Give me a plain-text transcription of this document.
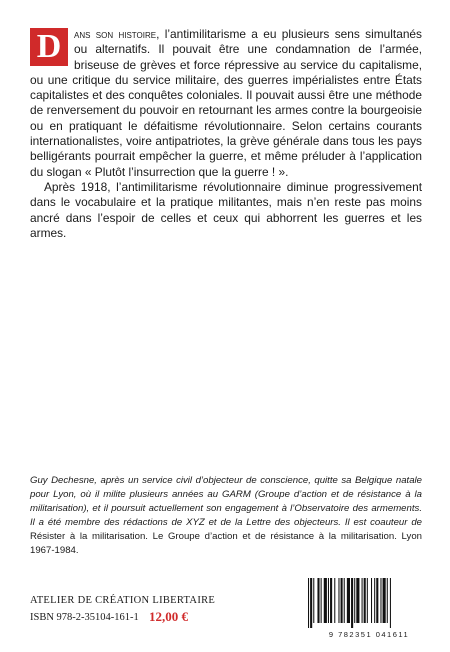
D	ans son histoire, l’antimilitarisme a eu plusieurs sens simultanés ou alternatifs. Il pouvait être une condamnation de l’armée, briseuse de grèves et force répressive au service du capitalisme, ou une critique du service militaire, des guerres impérialistes entre États capitalistes et des conquêtes coloniales. Il pouvait aussi être une méthode de renversement du pouvoir en retournant les armes contre la bourgeoisie ou en pratiquant le défaitisme révolutionnaire. Selon certains courants internationalistes, voire antipatriotes, la grève générale dans tous les pays belligérants pourrait empêcher la guerre, et même préluder à l’application du slogan « Plutôt l’insurrection que la guerre ! ».

Après 1918, l’antimilitarisme révolutionnaire diminue progressivement dans le vocabulaire et la pratique militantes, mais n’en reste pas moins ancré dans l’espoir de celles et ceux qui abhorrent les guerres et les armes.

Guy Dechesne, après un service civil d’objecteur de conscience, quitte sa Belgique natale pour Lyon, où il milite plusieurs années au GARM (Groupe d’action et de résistance à la militarisation), et il poursuit actuellement son engagement à l’Observatoire des armements. Il a été membre des rédactions de XYZ et de la Lettre des objecteurs. Il est coauteur de Résister à la militarisation. Le Groupe d’action et de résistance à la militarisation. Lyon 1967-1984.
ATELIER DE CRÉATION LIBERTAIRE
ISBN 978-2-35104-161-1 12,00 €
9 782351 041611
